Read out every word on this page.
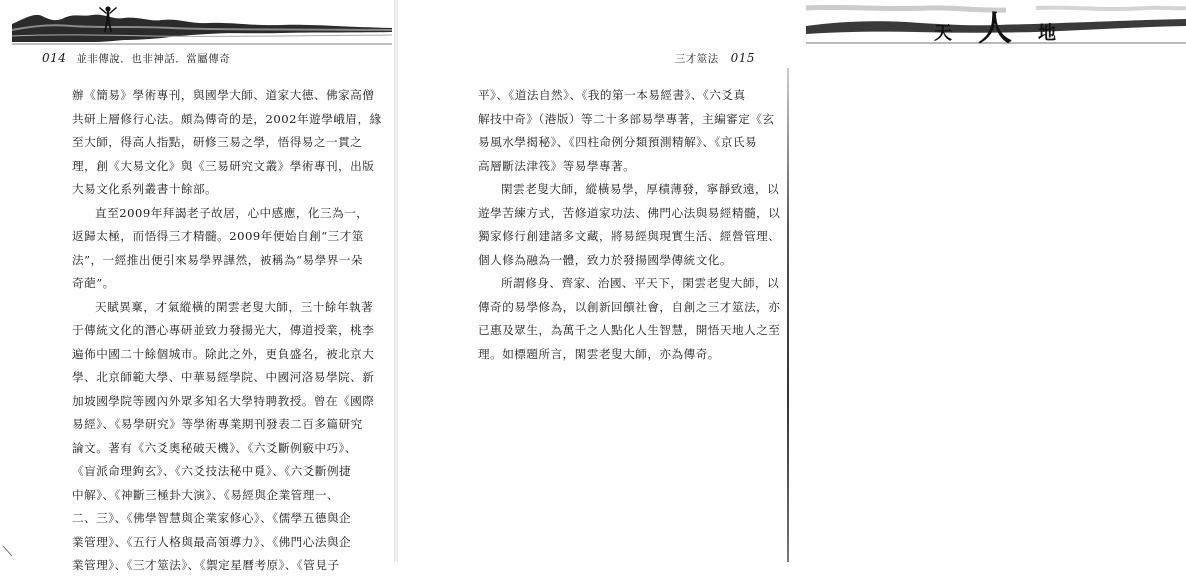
014 並非傳說．也非神話．當屬傳奇
辦《簡易》學術專刊，與國學大師、道家大德、佛家高僧
共研上層修行心法。頗為傳奇的是，2002年遊學峨眉，緣
至大師，得高人指點，研修三易之學，悟得易之一貫之
理，創《大易文化》與《三易研究文叢》學術專刊，出版
大易文化系列叢書十餘部。
直至2009年拜謁老子故居，心中感應，化三為一，
返歸太極，而悟得三才精髓。2009年便始自創“三才筮
法”，一經推出便引來易學界譁然，被稱為“易學界一朵
奇葩”。
天賦異稟，才氣縱橫的閑雲老叟大師，三十餘年執著
于傳統文化的潛心專研並致力發揚光大，傳道授業，桃李
遍佈中國二十餘個城市。除此之外，更負盛名，被北京大
學、北京師範大學、中華易經學院、中國河洛易學院、新
加坡國學院等國內外眾多知名大學特聘教授。曾在《國際
易經》、《易學研究》等學術專業期刊發表二百多篇研究
論文。著有《六爻奧秘破天機》、《六爻斷例竅中巧》、
《盲派命理鉤玄》、《六爻技法秘中覓》、《六爻斷例捷
中解》、《神斷三極卦大演》、《易經與企業管理一、
二、三》、《佛學智慧與企業家修心》、《儒學五德與企
業管理》、《五行人格與最高領導力》、《佛門心法與企
業管理》、《三才筮法》、《禦定星曆考原》、《管見子
天 人 地
三才筮法 015
平》、《道法自然》、《我的第一本易經書》、《六爻真
解技中奇》（港版）等二十多部易學專著，主編審定《玄
易風水學揭秘》、《四柱命例分類預測精解》、《京氏易
高層斷法津筏》等易學專著。
閑雲老叟大師，縱橫易學，厚積薄發，寧靜致遠，以
遊學苦練方式，苦修道家功法、佛門心法與易經精髓，以
獨家修行創建諸多文藏，將易經與現實生活、經營管理、
個人修為融為一體，致力於發揚國學傳統文化。
所謂修身、齊家、治國、平天下，閑雲老叟大師，以
傳奇的易學修為，以創新回饋社會，自創之三才筮法，亦
已惠及眾生，為萬千之人點化人生智慧，開悟天地人之至
理。如標題所言，閑雲老叟大師，亦為傳奇。
